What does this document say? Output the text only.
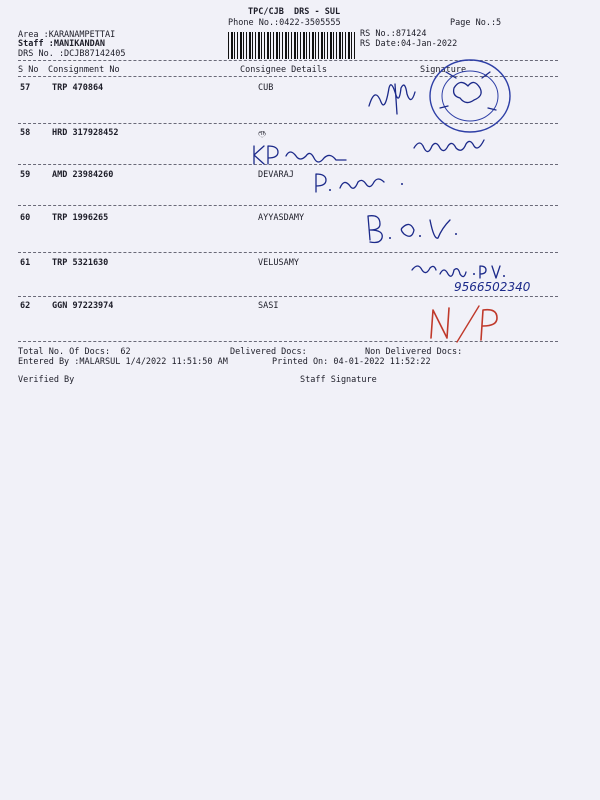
TPC/CJB  DRS - SUL
Phone No.:0422-3505555	Page No.:5
Area :KARANAMPETTAI
Staff :MANIKANDAN
DRS No. :DCJB87142405
RS No.:871424
RS Date:04-Jan-2022
S No Consignment No	Consignee Details	Signature
57	TRP 470864	CUB
58	HRD 317928452	ரூ
59	AMD 23984260	DEVARAJ
60	TRP 1996265	AYYASDAMY
61	TRP 5321630	VELUSAMY
62	GGN 97223974	SASI
Total No. Of Docs:  62	Delivered Docs:	Non Delivered Docs:
Entered By :MALARSUL 1/4/2022 11:51:50 AM	Printed On: 04-01-2022 11:52:22
Verified By	Staff Signature
9566502340
